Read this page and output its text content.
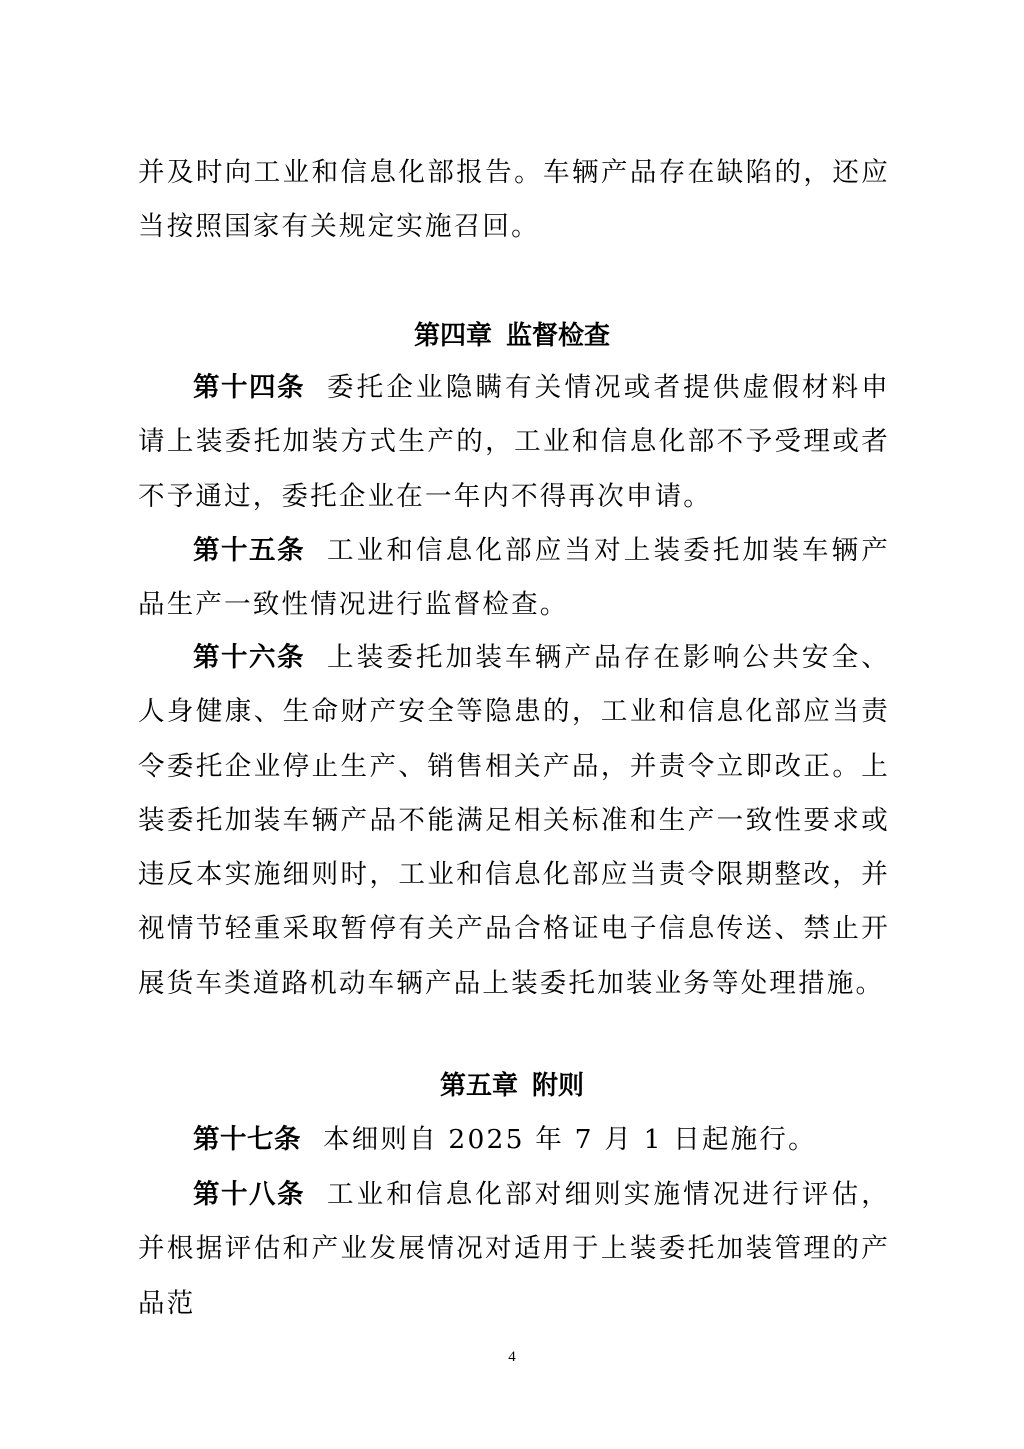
并及时向工业和信息化部报告。车辆产品存在缺陷的，还应当按照国家有关规定实施召回。

第四章 监督检查

第十四条 委托企业隐瞒有关情况或者提供虚假材料申请上装委托加装方式生产的，工业和信息化部不予受理或者不予通过，委托企业在一年内不得再次申请。

第十五条 工业和信息化部应当对上装委托加装车辆产品生产一致性情况进行监督检查。

第十六条 上装委托加装车辆产品存在影响公共安全、人身健康、生命财产安全等隐患的，工业和信息化部应当责令委托企业停止生产、销售相关产品，并责令立即改正。上装委托加装车辆产品不能满足相关标准和生产一致性要求或违反本实施细则时，工业和信息化部应当责令限期整改，并视情节轻重采取暂停有关产品合格证电子信息传送、禁止开展货车类道路机动车辆产品上装委托加装业务等处理措施。

第五章 附则

第十七条 本细则自 2025 年 7 月 1 日起施行。

第十八条 工业和信息化部对细则实施情况进行评估，并根据评估和产业发展情况对适用于上装委托加装管理的产品范

4
